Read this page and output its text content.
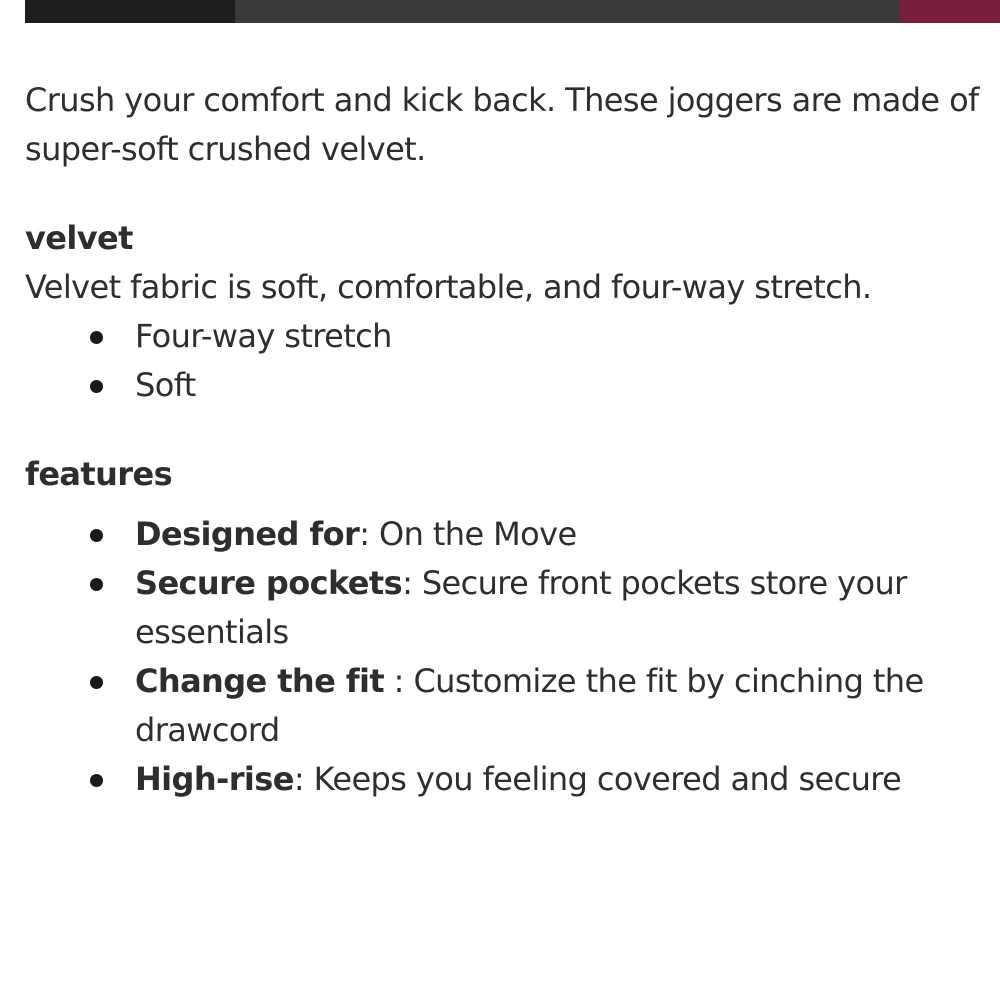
Crush your comfort and kick back. These joggers are made of super-soft crushed velvet.

velvet

Velvet fabric is soft, comfortable, and four-way stretch.

Four-way stretch
Soft
features
Designed for: On the Move
Secure pockets: Secure front pockets store your essentials
Change the fit : Customize the fit by cinching the drawcord
High-rise: Keeps you feeling covered and secure
